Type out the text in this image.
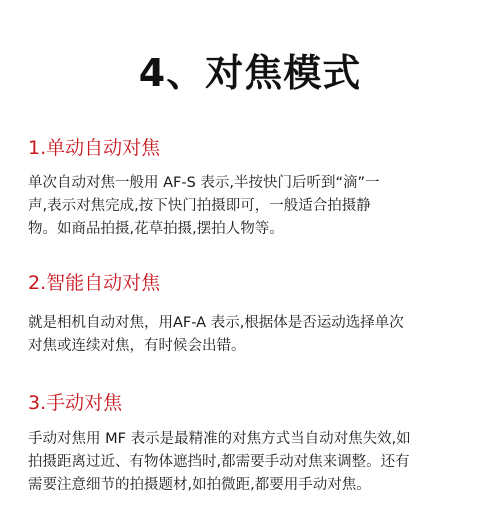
4、对焦模式
1.单动自动对焦
单次自动对焦一般用 AF-S 表示,半按快门后听到“滴”一
声,表示对焦完成,按下快门拍摄即可，一般适合拍摄静
物。如商品拍摄,花草拍摄,摆拍人物等。
2.智能自动对焦
就是相机自动对焦，用AF-A 表示,根据体是否运动选择单次
对焦或连续对焦，有时候会出错。
3.手动对焦
手动对焦用 MF 表示是最精准的对焦方式当自动对焦失效,如
拍摄距离过近、有物体遮挡时,都需要手动对焦来调整。还有
需要注意细节的拍摄题材,如拍微距,都要用手动对焦。
